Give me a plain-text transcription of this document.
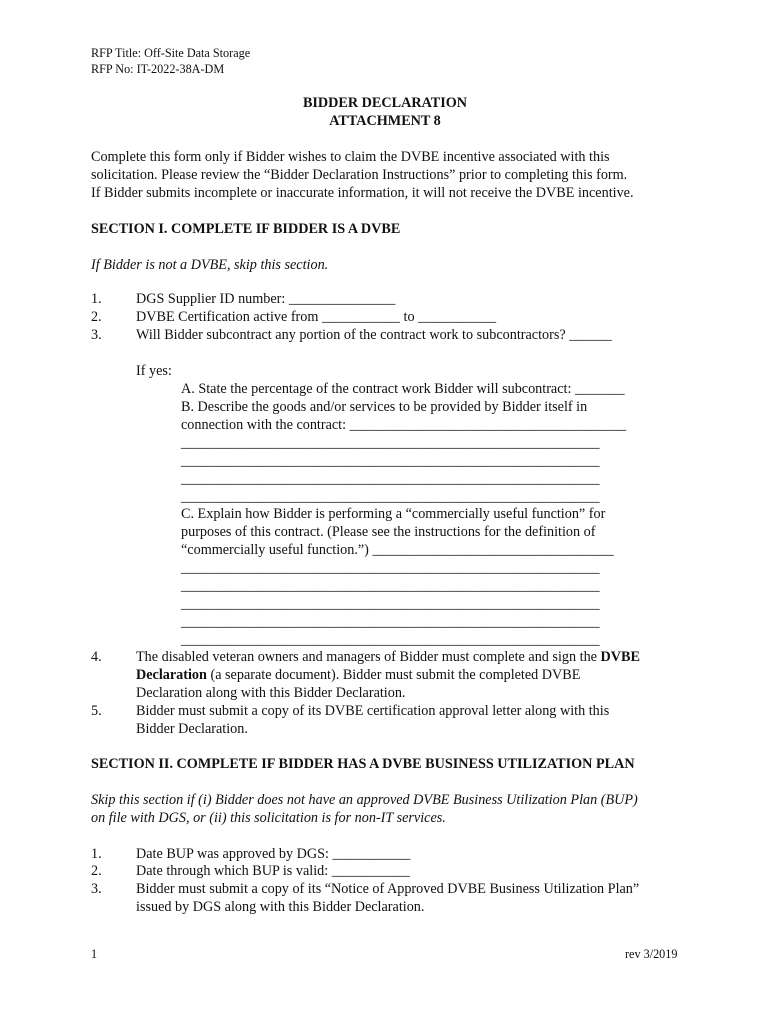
RFP Title: Off-Site Data Storage
RFP No: IT-2022-38A-DM
BIDDER DECLARATION
ATTACHMENT 8
Complete this form only if Bidder wishes to claim the DVBE incentive associated with this
solicitation. Please review the “Bidder Declaration Instructions” prior to completing this form.
If Bidder submits incomplete or inaccurate information, it will not receive the DVBE incentive.
SECTION I. COMPLETE IF BIDDER IS A DVBE
If Bidder is not a DVBE, skip this section.
1. DGS Supplier ID number: _______________
2. DVBE Certification active from ___________ to ___________
3. Will Bidder subcontract any portion of the contract work to subcontractors? ______
If yes:
A. State the percentage of the contract work Bidder will subcontract: _______
B. Describe the goods and/or services to be provided by Bidder itself in
connection with the contract: _______________________________________
___________________________________________________________
___________________________________________________________
___________________________________________________________
___________________________________________________________
C. Explain how Bidder is performing a “commercially useful function” for
purposes of this contract. (Please see the instructions for the definition of
“commercially useful function.”) __________________________________
___________________________________________________________
___________________________________________________________
___________________________________________________________
___________________________________________________________
___________________________________________________________
4. The disabled veteran owners and managers of Bidder must complete and sign the DVBE
Declaration (a separate document). Bidder must submit the completed DVBE
Declaration along with this Bidder Declaration.
5. Bidder must submit a copy of its DVBE certification approval letter along with this
Bidder Declaration.
SECTION II. COMPLETE IF BIDDER HAS A DVBE BUSINESS UTILIZATION PLAN
Skip this section if (i) Bidder does not have an approved DVBE Business Utilization Plan (BUP)
on file with DGS, or (ii) this solicitation is for non-IT services.
1. Date BUP was approved by DGS: ___________
2. Date through which BUP is valid: ___________
3. Bidder must submit a copy of its “Notice of Approved DVBE Business Utilization Plan”
issued by DGS along with this Bidder Declaration.
1	rev 3/2019
